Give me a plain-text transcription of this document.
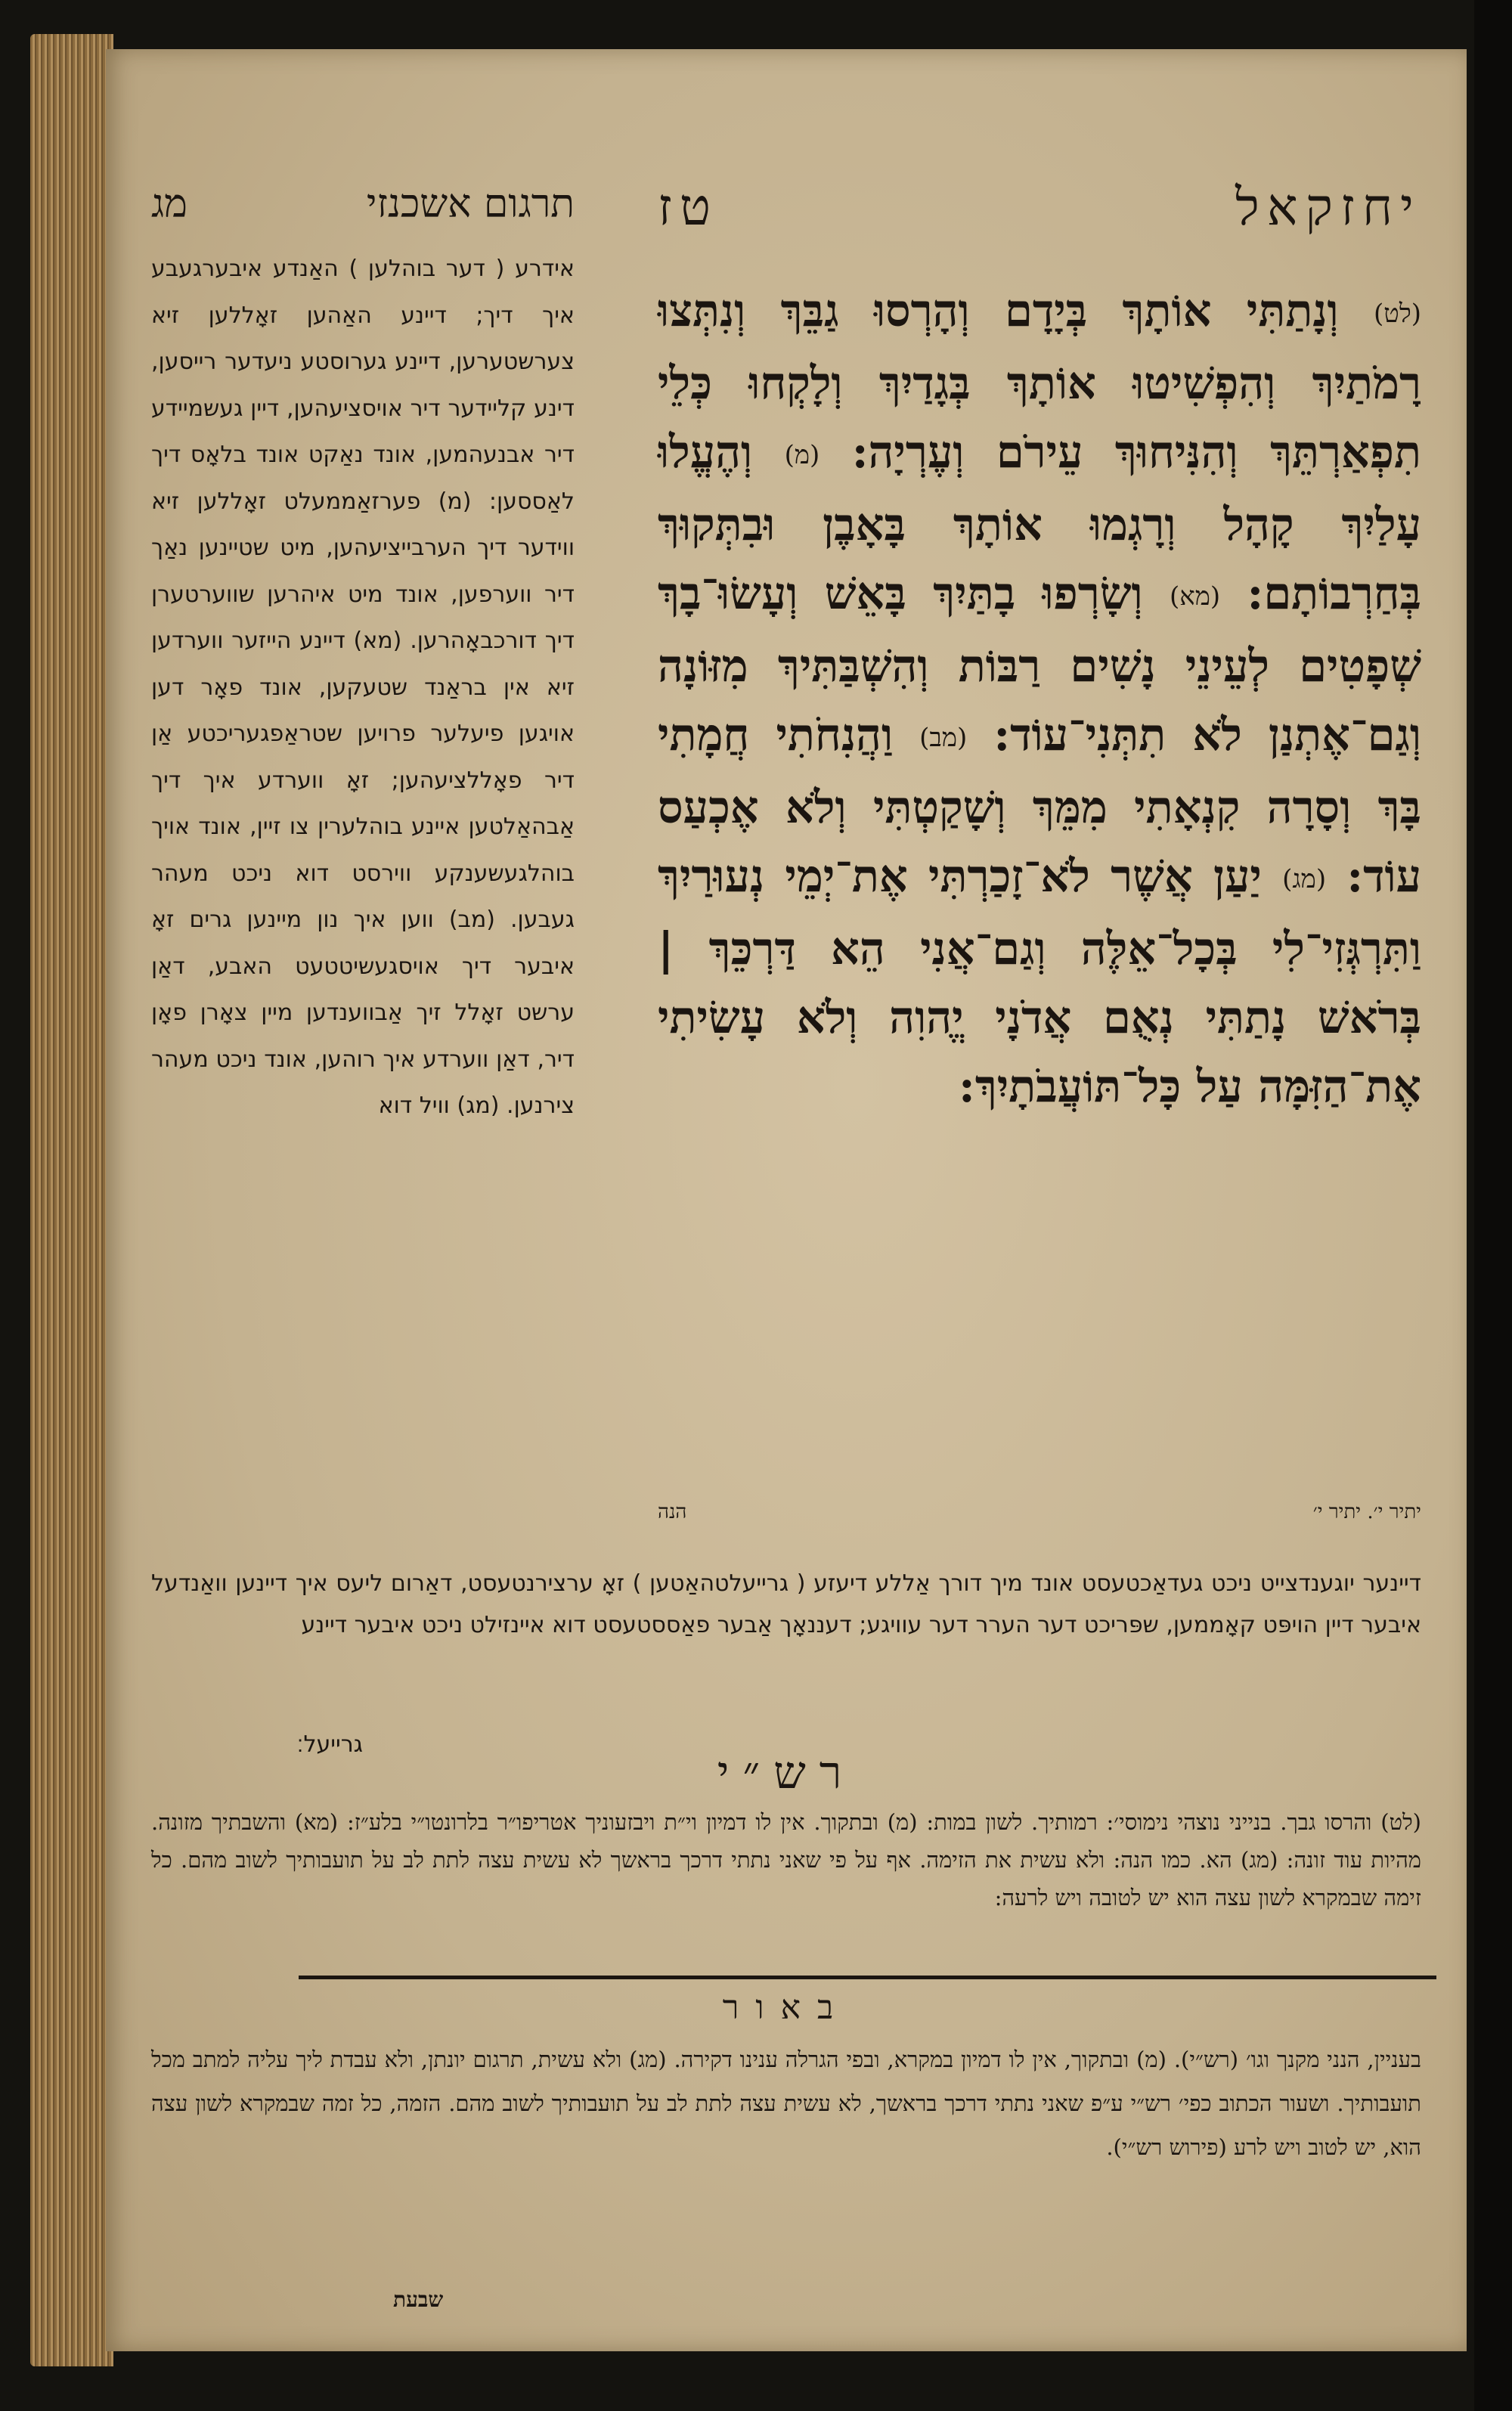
יחזקאל
טז
תרגום אשכנזי
מג
(לט) וְנָתַתִּי אוֹתָךְ בְּיָדָם וְהָרְסוּ גַבֵּךְ וְנִתְּצוּ רָמֹתַיִךְ וְהִפְשִׁיטוּ אוֹתָךְ בְּגָדַיִךְ וְלָקְחוּ כְּלֵי תִפְאַרְתֵּךְ וְהִנִּיחוּךְ עֵירֹם וְעֶרְיָה: (מ) וְהֶעֱלוּ עָלַיִךְ קָהָל וְרָגְמוּ אוֹתָךְ בָּאָבֶן וּבִתְּקוּךְ בְּחַרְבוֹתָם: (מא) וְשָׂרְפוּ בָתַּיִךְ בָּאֵשׁ וְעָשׂוּ־בָךְ שְׁפָטִים לְעֵינֵי נָשִׁים רַבּוֹת וְהִשְׁבַּתִּיךְ מִזּוֹנָה וְגַם־אֶתְנַן לֹא תִתְּנִי־עוֹד: (מב) וַהֲנִחֹתִי חֲמָתִי בָּךְ וְסָרָה קִנְאָתִי מִמֵּךְ וְשָׁקַטְתִּי וְלֹא אֶכְעַס עוֹד: (מג) יַעַן אֲשֶׁר לֹא־זָכַרְתִּי אֶת־יְמֵי נְעוּרַיִךְ וַתִּרְגְּזִי־לִי בְּכָל־אֵלֶּה וְגַם־אֲנִי הֵא דַּרְכֵּךְ | בְּרֹאשׁ נָתַתִּי נְאֻם אֲדֹנָי יֱהוִה וְלֹא עָשִׂיתִי אֶת־הַזִּמָּה עַל כָּל־תּוֹעֲבֹתָיִךְ:
יתיר י׳. יתיר י׳
הנה
אידרע ( דער בוהלען ) האַנדע איבערגעבע איך דיך; דיינע האַהען זאָללען זיא צערשטערען, דיינע גערוסטע ניעדער רייסען, דינע קליידער דיר אויסציעהען, דיין געשמיידע דיר אבנעהמען, אונד נאַקט אונד בלאָס דיך לאַססען: (מ) פערזאַממעלט זאָללען זיא ווידער דיך הערבייציעהען, מיט שטיינען נאַך דיר ווערפען, אונד מיט איהרען שווערטערן דיך דורכבאָהרען. (מא) דיינע הייזער ווערדען זיא אין בראַנד שטעקען, אונד פאָר דען אויגען פיעלער פרויען שטראַפגעריכטע אַן דיר פאָללציעהען; זאָ ווערדע איך דיך אַבהאַלטען איינע בוהלערין צו זיין, אונד אויך בוהלגעשענקע ווירסט דוא ניכט מעהר געבען. (מב) ווען איך נון מיינען גרים זאָ איבער דיך אויסגעשיטטעט האבע, דאַן ערשט זאָלל זיך אַבווענדען מיין צאָרן פאָן דיר, דאַן ווערדע איך רוהען, אונד ניכט מעהר צירנען. (מג) וויל דוא
דיינער יוגענדצייט ניכט געדאַכטעסט אונד מיך דורך אַללע דיעזע ( גרייעלטהאַטען ) זאָ ערצירנטעסט, דאַרום ליעס איך דיינען וואַנדעל איבער דיין הויפּט קאָממען, שפּריכט דער הערר דער עוויגע; דעננאָך אַבער פאַססטעסט דוא איינזילט ניכט איבער דיינע
גרייעל׃
רש״י
(לט) והרסו גבך. בנייני נוצהי נימוסי׳: רמותיך. לשון במות: (מ) ובתקוך. אין לו דמיון וי״ת ויבזעוניך אטריפו״ר בלרונטו״י בלע״ז: (מא) והשבתיך מזונה. מהיות עוד זונה: (מג) הא. כמו הנה: ולא עשית את הזימה. אף על פי שאני נתתי דרכך בראשך לא עשית עצה לתת לב על תועבותיך לשוב מהם. כל זימה שבמקרא לשון עצה הוא יש לטובה ויש לרעה:
באור
בעניין, הנני מקנך וגו׳ (רש״י). (מ) ובתקוך, אין לו דמיון במקרא, ובפי הגרלה ענינו דקירה. (מג) ולא עשית, תרגום יונתן, ולא עבדת ליך עליה למתב מכל תועבותיך. ושעור הכתוב כפי׳ רש״י ע״פ שאני נתתי דרכך בראשך, לא עשית עצה לתת לב על תועבותיך לשוב מהם. הזמה, כל זמה שבמקרא לשון עצה הוא, יש לטוב ויש לרע (פירוש רש״י).
שבעת
